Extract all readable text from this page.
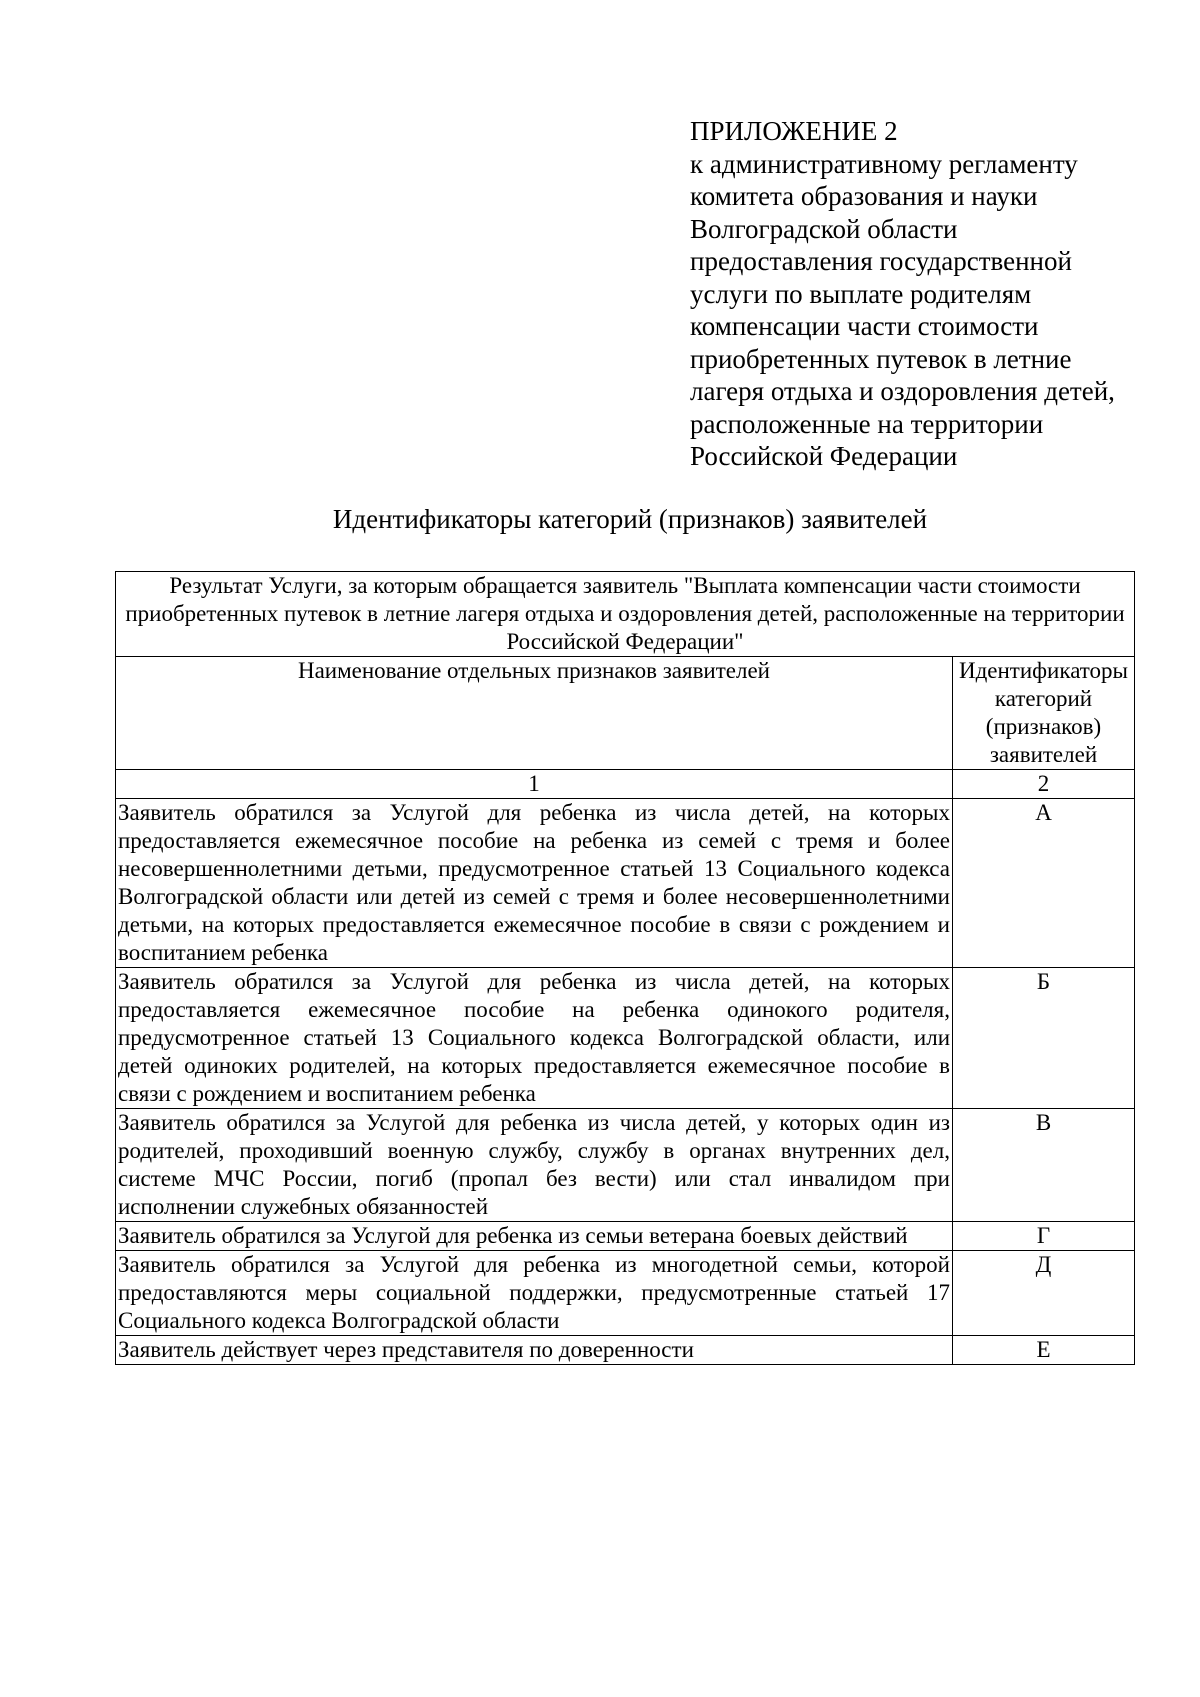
ПРИЛОЖЕНИЕ 2
к административному регламенту
комитета образования и науки
Волгоградской области
предоставления государственной
услуги по выплате родителям
компенсации части стоимости
приобретенных путевок в летние
лагеря отдыха и оздоровления детей,
расположенные на территории
Российской Федерации
Идентификаторы категорий (признаков) заявителей
Результат Услуги, за которым обращается заявитель "Выплата компенсации части стоимости приобретенных путевок в летние лагеря отдыха и оздоровления детей, расположенные на территории Российской Федерации"	
Наименование отдельных признаков заявителей	Идентификаторы категорий (признаков) заявителей
1	2
Заявитель обратился за Услугой для ребенка из числа детей, на которых предоставляется ежемесячное пособие на ребенка из семей с тремя и более несовершеннолетними детьми, предусмотренное статьей 13 Социального кодекса Волгоградской области или детей из семей с тремя и более несовершеннолетними детьми, на которых предоставляется ежемесячное пособие в связи с рождением и воспитанием ребенка	А
Заявитель обратился за Услугой для ребенка из числа детей, на которых предоставляется ежемесячное пособие на ребенка одинокого родителя, предусмотренное статьей 13 Социального кодекса Волгоградской области, или детей одиноких родителей, на которых предоставляется ежемесячное пособие в связи с рождением и воспитанием ребенка	Б
Заявитель обратился за Услугой для ребенка из числа детей, у которых один из родителей, проходивший военную службу, службу в органах внутренних дел, системе МЧС России, погиб (пропал без вести) или стал инвалидом при исполнении служебных обязанностей	В
Заявитель обратился за Услугой для ребенка из семьи ветерана боевых действий	Г
Заявитель обратился за Услугой для ребенка из многодетной семьи, которой предоставляются меры социальной поддержки, предусмотренные статьей 17 Социального кодекса Волгоградской области	Д
Заявитель действует через представителя по доверенности	Е
